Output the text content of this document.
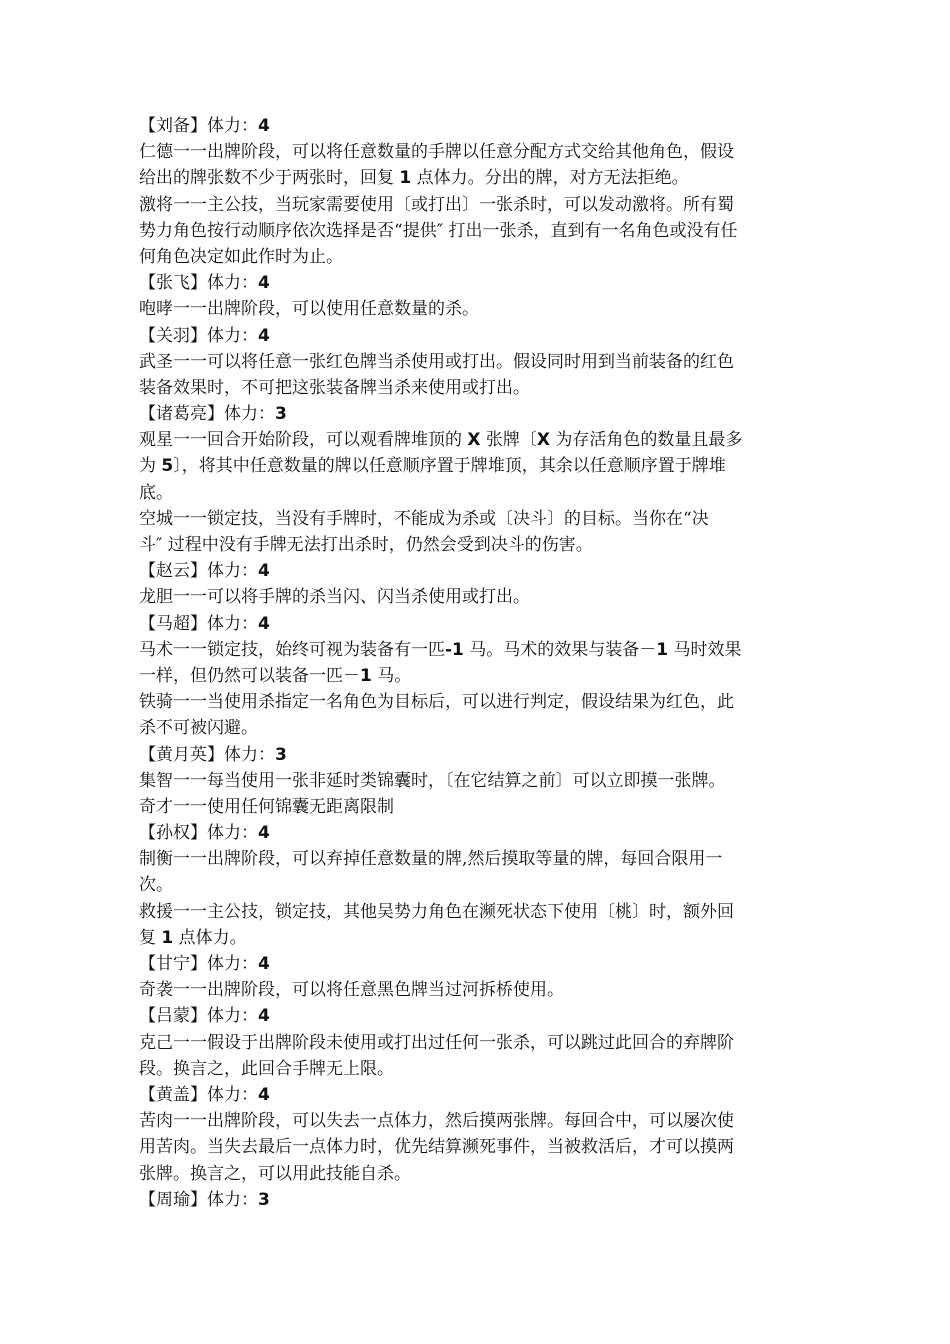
【刘备】体力：4
仁德一一出牌阶段，可以将任意数量的手牌以任意分配方式交给其他角色，假设
给出的牌张数不少于两张时，回复 1 点体力。分出的牌，对方无法拒绝。
激将一一主公技，当玩家需要使用〔或打出〕一张杀时，可以发动激将。所有蜀
势力角色按行动顺序依次选择是否“提供″ 打出一张杀，直到有一名角色或没有任
何角色决定如此作时为止。
【张飞】体力：4
咆哮一一出牌阶段，可以使用任意数量的杀。
【关羽】体力：4
武圣一一可以将任意一张红色牌当杀使用或打出。假设同时用到当前装备的红色
装备效果时，不可把这张装备牌当杀来使用或打出。
【诸葛亮】体力：3
观星一一回合开始阶段，可以观看牌堆顶的 X 张牌〔X 为存活角色的数量且最多
为 5〕，将其中任意数量的牌以任意顺序置于牌堆顶，其余以任意顺序置于牌堆
底。
空城一一锁定技，当没有手牌时，不能成为杀或〔决斗〕的目标。当你在“决
斗″ 过程中没有手牌无法打出杀时，仍然会受到决斗的伤害。
【赵云】体力：4
龙胆一一可以将手牌的杀当闪、闪当杀使用或打出。
【马超】体力：4
马术一一锁定技，始终可视为装备有一匹-1 马。马术的效果与装备－1 马时效果
一样，但仍然可以装备一匹－1 马。
铁骑一一当使用杀指定一名角色为目标后，可以进行判定，假设结果为红色，此
杀不可被闪避。
【黄月英】体力：3
集智一一每当使用一张非延时类锦囊时，〔在它结算之前〕可以立即摸一张牌。
奇才一一使用任何锦囊无距离限制
【孙权】体力：4
制衡一一出牌阶段，可以弃掉任意数量的牌,然后摸取等量的牌，每回合限用一
次。
救援一一主公技，锁定技，其他吴势力角色在濒死状态下使用〔桃〕时，额外回
复 1 点体力。
【甘宁】体力：4
奇袭一一出牌阶段，可以将任意黑色牌当过河拆桥使用。
【吕蒙】体力：4
克己一一假设于出牌阶段未使用或打出过任何一张杀，可以跳过此回合的弃牌阶
段。换言之，此回合手牌无上限。
【黄盖】体力：4
苦肉一一出牌阶段，可以失去一点体力，然后摸两张牌。每回合中，可以屡次使
用苦肉。当失去最后一点体力时，优先结算濒死事件，当被救活后，才可以摸两
张牌。换言之，可以用此技能自杀。
【周瑜】体力：3
